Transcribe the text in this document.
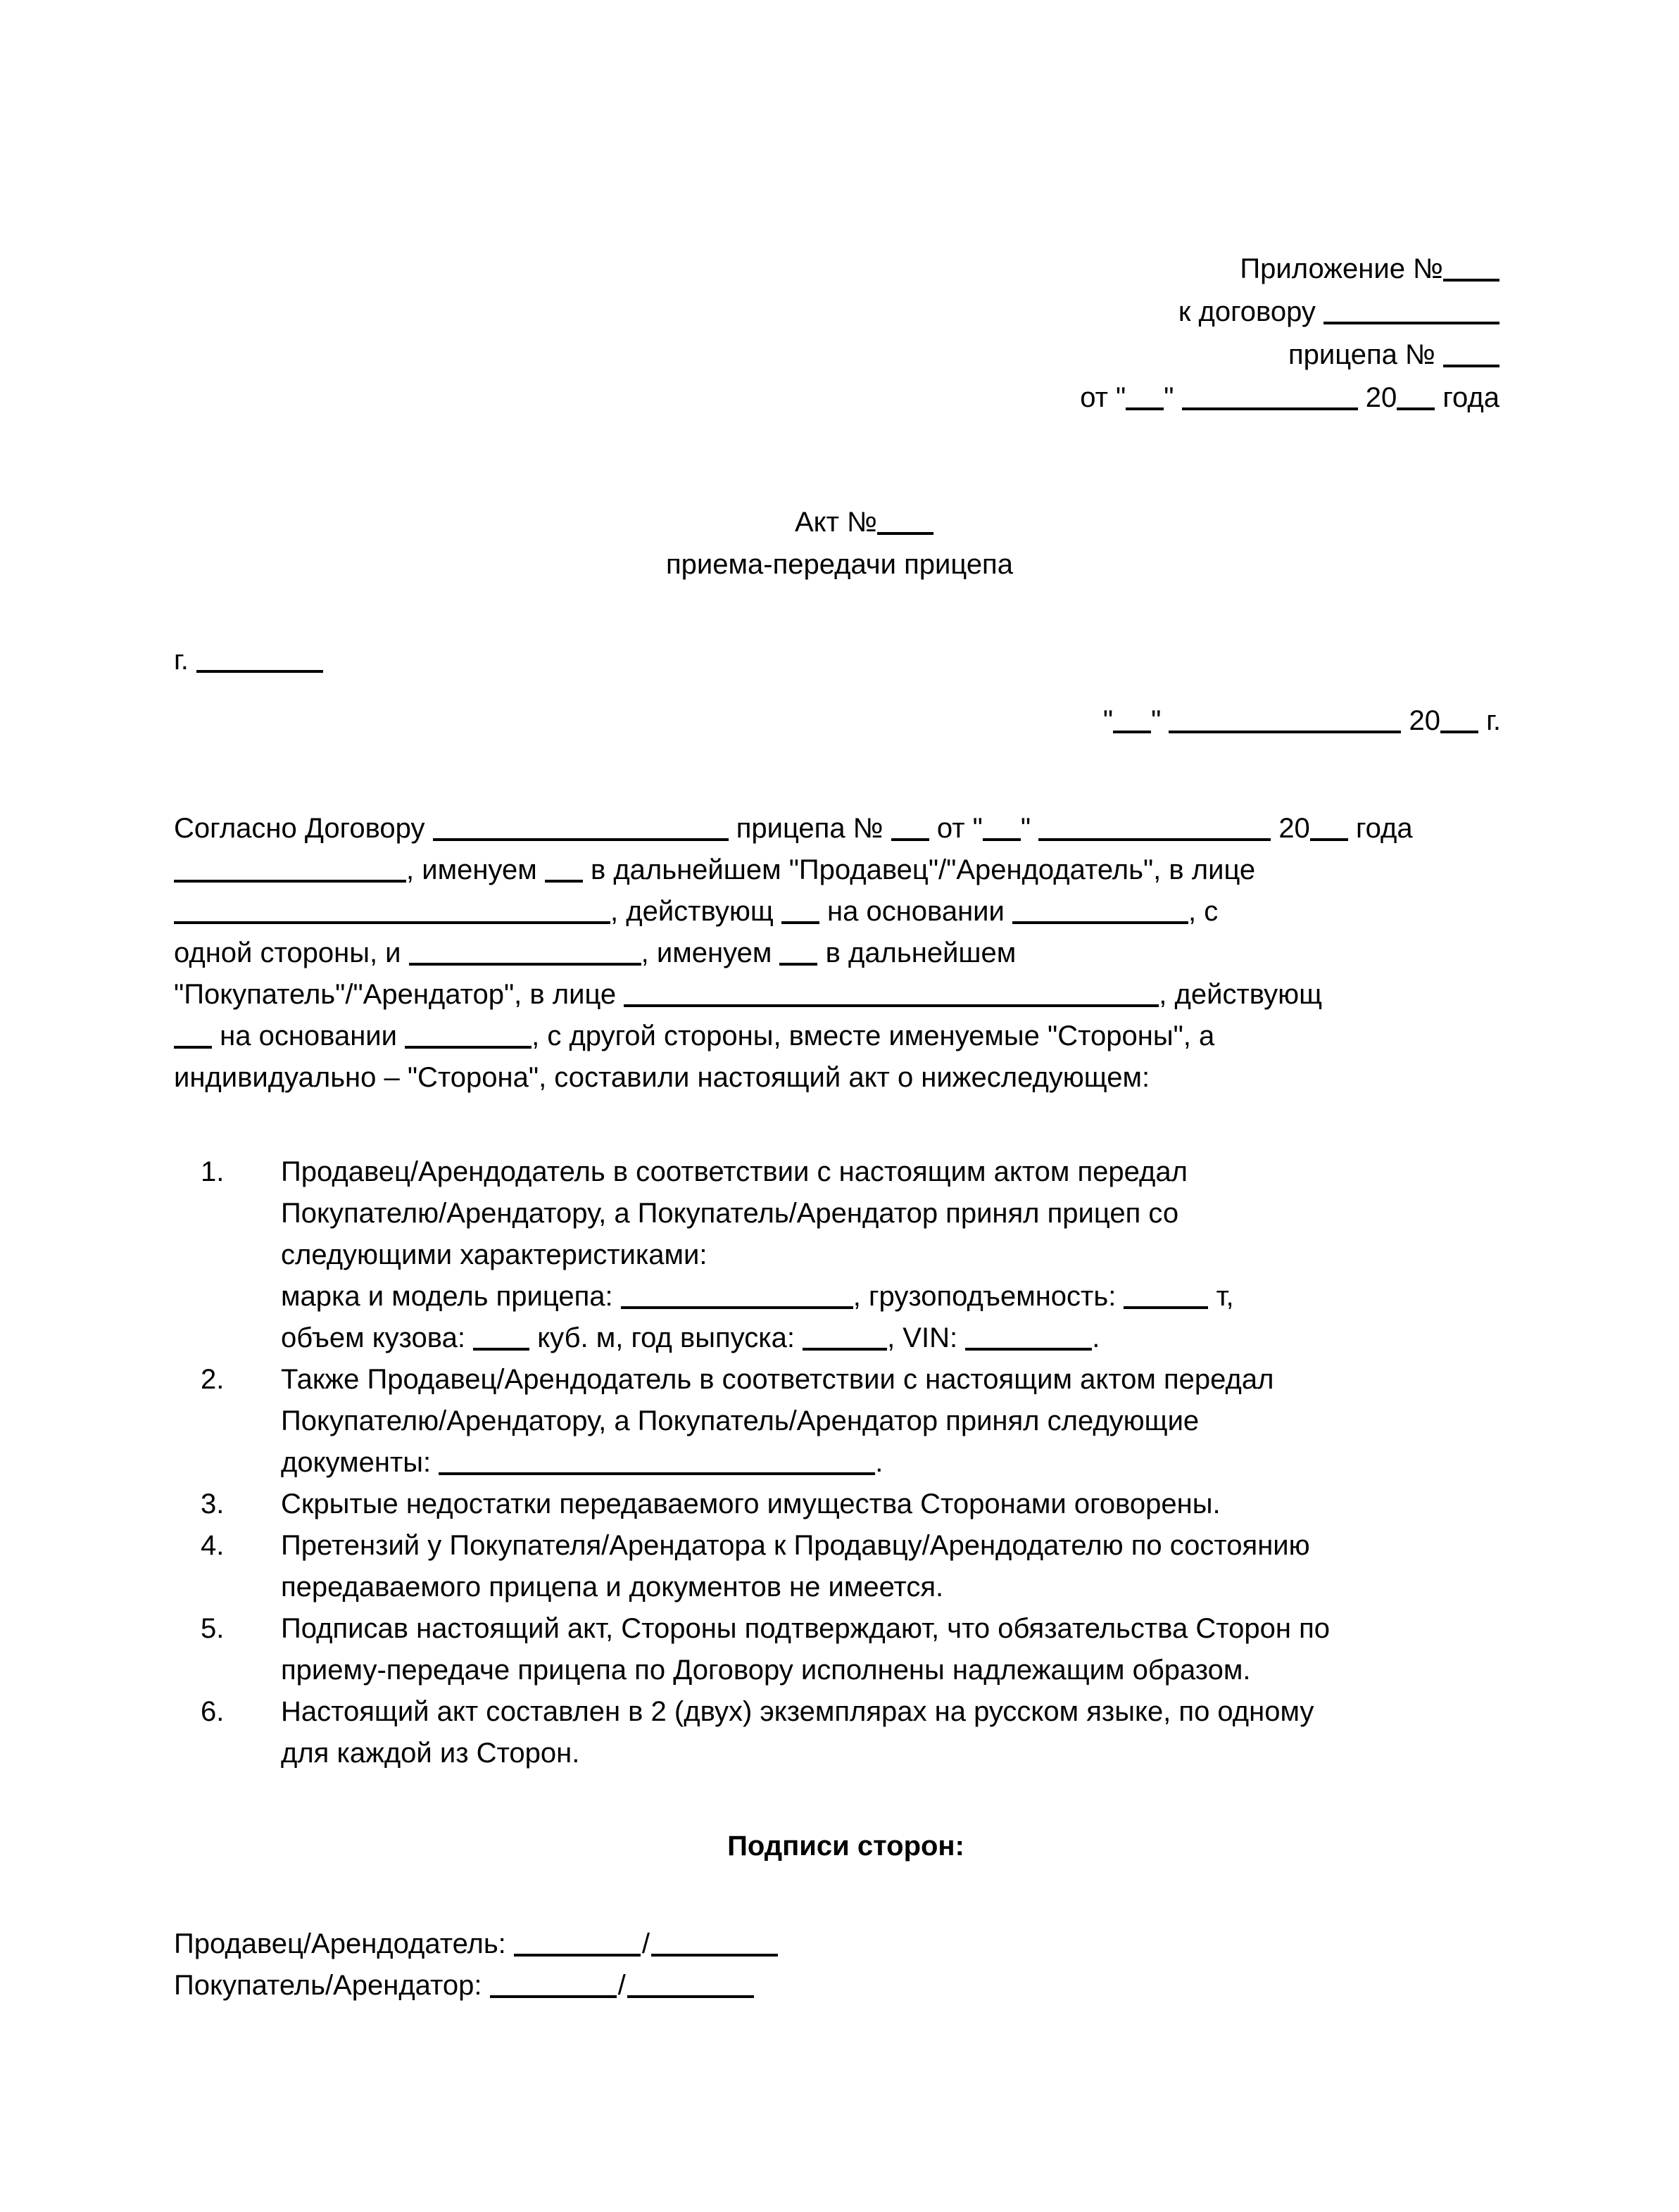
Приложение №
к договору
прицепа №
от " "	20 года
Акт №
приема-передачи прицепа
г.
" "	20 г.
Согласно Договору	прицепа № от " "	20 года
, именуем в дальнейшем "Продавец"/"Арендодатель", в лице
, действующ на основании	, с
одной стороны, и	, именуем в дальнейшем
"Покупатель"/"Арендатор", в лице	, действующ
на основании	, с другой стороны, вместе именуемые "Стороны", а
индивидуально – "Сторона", составили настоящий акт о нижеследующем:
1.	Продавец/Арендодатель в соответствии с настоящим актом передал
Покупателю/Арендатору, а Покупатель/Арендатор принял прицеп со
следующими характеристиками:
марка и модель прицепа:	, грузоподъемность:	т,
объем кузова:	куб. м, год выпуска:	, VIN:	.
2.	Также Продавец/Арендодатель в соответствии с настоящим актом передал
Покупателю/Арендатору, а Покупатель/Арендатор принял следующие
документы:	.
3.	Скрытые недостатки передаваемого имущества Сторонами оговорены.
4.	Претензий у Покупателя/Арендатора к Продавцу/Арендодателю по состоянию
передаваемого прицепа и документов не имеется.
5.	Подписав настоящий акт, Стороны подтверждают, что обязательства Сторон по
приему-передаче прицепа по Договору исполнены надлежащим образом.
6.	Настоящий акт составлен в 2 (двух) экземплярах на русском языке, по одному
для каждой из Сторон.
Подписи сторон:
Продавец/Арендодатель:	/
Покупатель/Арендатор:	/
